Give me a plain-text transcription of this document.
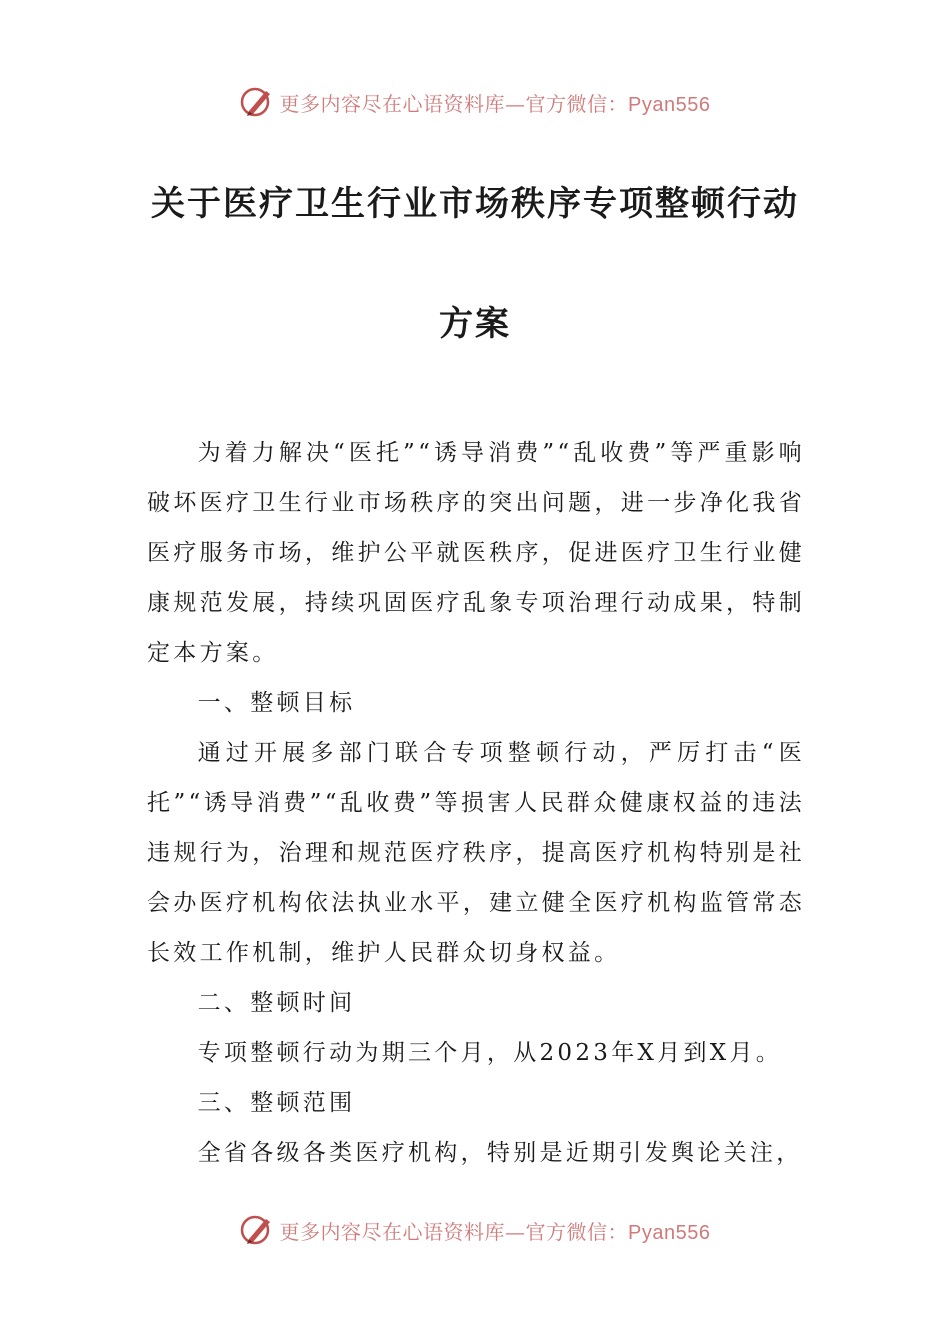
更多内容尽在心语资料库—官方微信：Pyan556
关于医疗卫生行业市场秩序专项整顿行动
方案

为着力解决“医托”“诱导消费”“乱收费”等严重影响破坏医疗卫生行业市场秩序的突出问题，进一步净化我省医疗服务市场，维护公平就医秩序，促进医疗卫生行业健康规范发展，持续巩固医疗乱象专项治理行动成果，特制定本方案。

一、整顿目标

通过开展多部门联合专项整顿行动，严厉打击“医托”“诱导消费”“乱收费”等损害人民群众健康权益的违法违规行为，治理和规范医疗秩序，提高医疗机构特别是社会办医疗机构依法执业水平，建立健全医疗机构监管常态长效工作机制，维护人民群众切身权益。

二、整顿时间

专项整顿行动为期三个月，从2023年X月到X月。

三、整顿范围

全省各级各类医疗机构，特别是近期引发舆论关注，

更多内容尽在心语资料库—官方微信：Pyan556
